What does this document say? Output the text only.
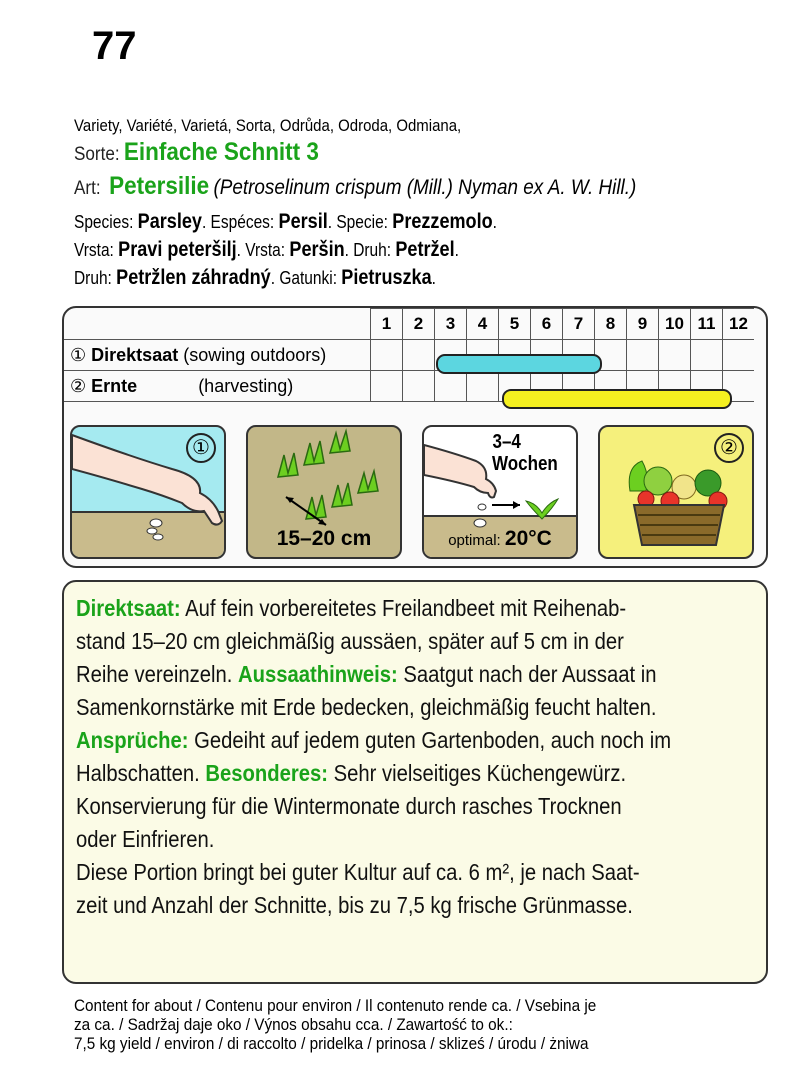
77
Variety, Variété, Varietá, Sorta, Odrůda, Odroda, Odmiana,
Sorte: Einfache Schnitt 3
Art: Petersilie (Petroselinum crispum (Mill.) Nyman ex A. W. Hill.)
Species: Parsley. Espéces: Persil. Specie: Prezzemolo.
Vrsta: Pravi peteršilj. Vrsta: Peršin. Druh: Petržel.
Druh: Petržlen záhradný. Gatunki: Pietruszka.
	1	2	3	4	5	6	7	8	9	10	11	12
① Direktsaat (sowing outdoors)												
② Ernte (harvesting)												
①
15–20 cm
3–4
Wochen
optimal: 20°C
②
Direktsaat: Auf fein vorbereitetes Freilandbeet mit Reihenab-
stand 15–20 cm gleichmäßig aussäen, später auf 5 cm in der
Reihe vereinzeln. Aussaathinweis: Saatgut nach der Aussaat in
Samenkornstärke mit Erde bedecken, gleichmäßig feucht halten.
Ansprüche: Gedeiht auf jedem guten Gartenboden, auch noch im
Halbschatten. Besonderes: Sehr vielseitiges Küchengewürz.
Konservierung für die Wintermonate durch rasches Trocknen
oder Einfrieren.
Diese Portion bringt bei guter Kultur auf ca. 6 m², je nach Saat-
zeit und Anzahl der Schnitte, bis zu 7,5 kg frische Grünmasse.
Content for about / Contenu pour environ / Il contenuto rende ca. / Vsebina je
za ca. / Sadržaj daje oko / Výnos obsahu cca. / Zawartość to ok.:
7,5 kg yield / environ / di raccolto / pridelka / prinosa / skliześ / úrodu / żniwa
